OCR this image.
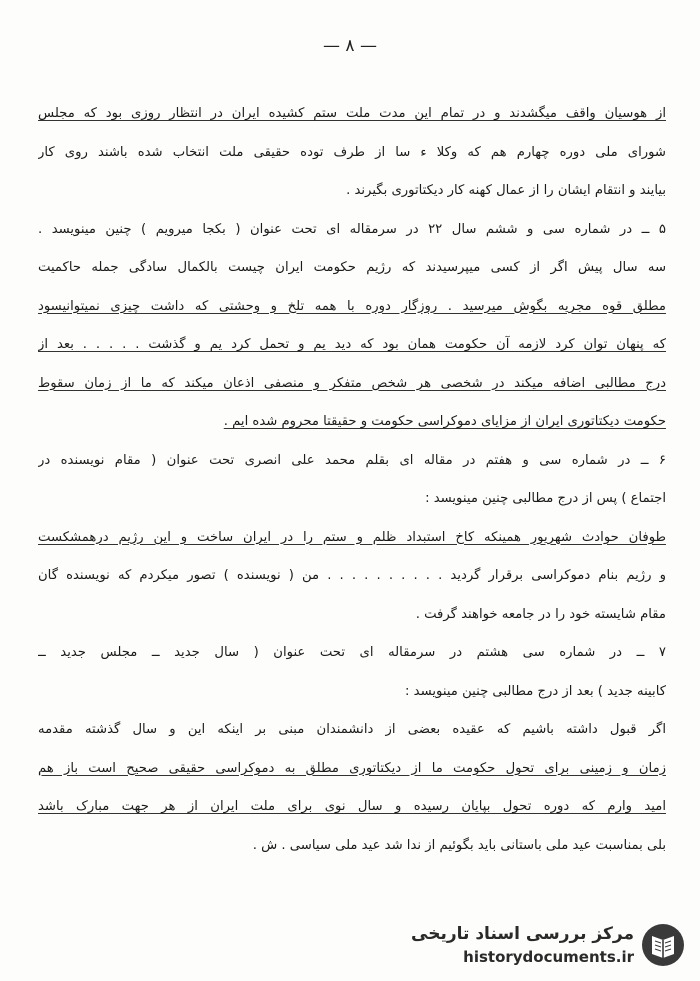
— ۸ —
از هوسیان واقف میگشدند و در تمام این مدت ملت ستم کشیده ایران در انتظار روزی بود که مجلس
شورای ملی دوره چهارم هم که وکلا ء سا از طرف توده حقیقی ملت انتخاب شده باشند روی کار
بیایند و انتقام ایشان را از عمال کهنه کار دیکتاتوری بگیرند .
۵ ــ در شماره سی و ششم سال ۲۲ در سرمقاله ای تحت عنوان ( بکجا میرویم ) چنین مینویسد .
سه سال پیش اگر از کسی میپرسیدند که رژیم حکومت ایران چیست بالکمال سادگی جمله حاکمیت
مطلق قوه مجریه بگوش میرسید . روزگار دوره با همه تلخ و وحشتی که داشت چیزی نمیتوانیسود
که پنهان توان کرد لازمه آن حکومت همان بود که دید یم و تحمل کرد یم و گذشت . . . . . بعد از
درج مطالبی اضافه میکند در شخصی هر شخص متفکر و منصفی اذعان میکند که ما از زمان سقوط
حکومت دیکتاتوری ایران از مزایای دموکراسی حکومت و حقیقتا محروم شده ایم .
۶ ــ در شماره سی و هفتم در مقاله ای بقلم محمد علی انصری تحت عنوان ( مقام نویسنده در
اجتماع ) پس از درج مطالبی چنین مینویسد :
طوفان حوادث شهریور همینکه کاخ استبداد ظلم و ستم را در ایران ساخت و این رژیم درهمشکست
و رژیم بنام دموکراسی برقرار گردید . . . . . . . . . . من ( نویسنده ) تصور میکردم که نویسنده گان
مقام شایسته خود را در جامعه خواهند گرفت .
۷ ــ در شماره سی هشتم در سرمقاله ای تحت عنوان ( سال جدید ــ مجلس جدید ــ
کابینه جدید ) بعد از درج مطالبی چنین مینویسد :
اگر قبول داشته باشیم که عقیده بعضی از دانشمندان مبنی بر اینکه این و سال گذشته مقدمه
زمان و زمینی برای تحول حکومت ما از دیکتاتوری مطلق به دموکراسی حقیقی صحیح است باز هم
امید وارم که دوره تحول بپایان رسیده و سال نوی برای ملت ایران از هر جهت مبارک باشد
بلی بمناسبت عید ملی باستانی باید بگوئیم از ندا شد عید ملی سیاسی . ش .
مرکز بررسی اسناد تاریخی
historydocuments.ir
